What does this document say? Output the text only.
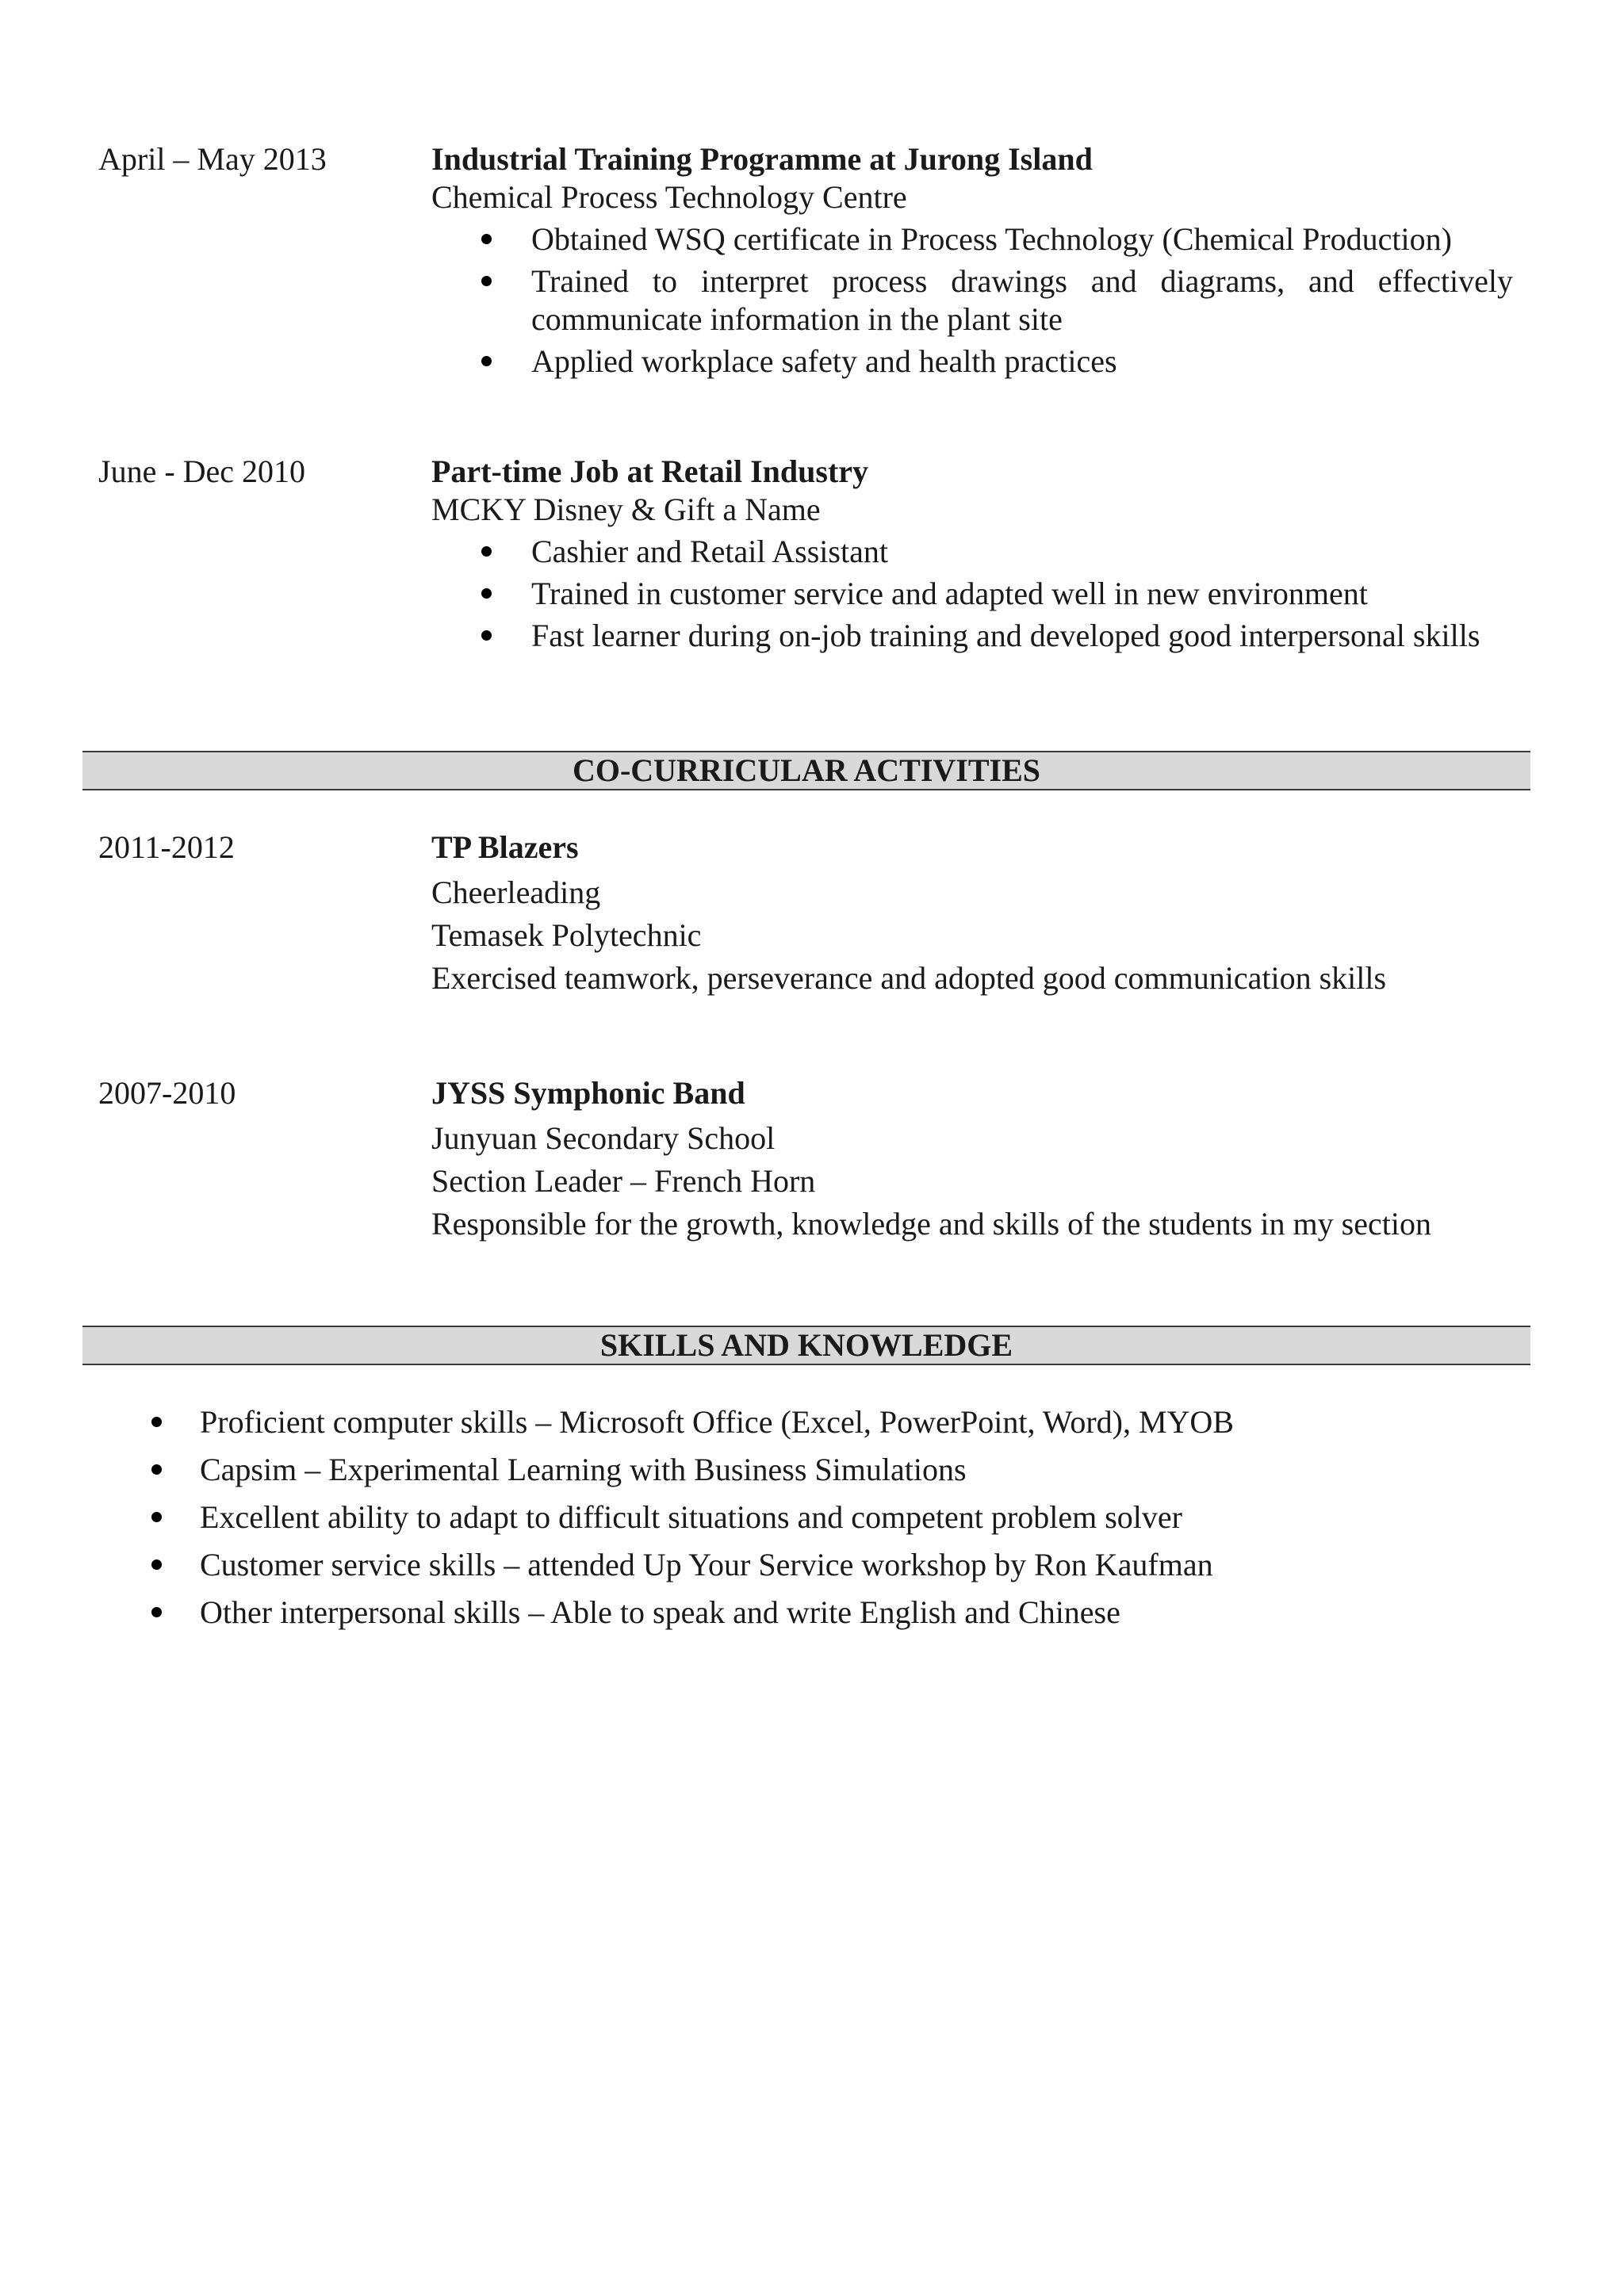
April – May 2013	Industrial Training Programme at Jurong Island

Chemical Process Technology Centre

Obtained WSQ certificate in Process Technology (Chemical Production)
Trained to interpret process drawings and diagrams, and effectively
communicate information in the plant site
Applied workplace safety and health practices
June - Dec 2010	Part-time Job at Retail Industry

MCKY Disney & Gift a Name

Cashier and Retail Assistant
Trained in customer service and adapted well in new environment
Fast learner during on-job training and developed good interpersonal skills
CO-CURRICULAR ACTIVITIES
2011-2012	TP Blazers

Cheerleading

Temasek Polytechnic

Exercised teamwork, perseverance and adopted good communication skills

2007-2010	JYSS Symphonic Band

Junyuan Secondary School

Section Leader – French Horn

Responsible for the growth, knowledge and skills of the students in my section

SKILLS AND KNOWLEDGE
Proficient computer skills – Microsoft Office (Excel, PowerPoint, Word), MYOB
Capsim – Experimental Learning with Business Simulations
Excellent ability to adapt to difficult situations and competent problem solver
Customer service skills – attended Up Your Service workshop by Ron Kaufman
Other interpersonal skills – Able to speak and write English and Chinese
